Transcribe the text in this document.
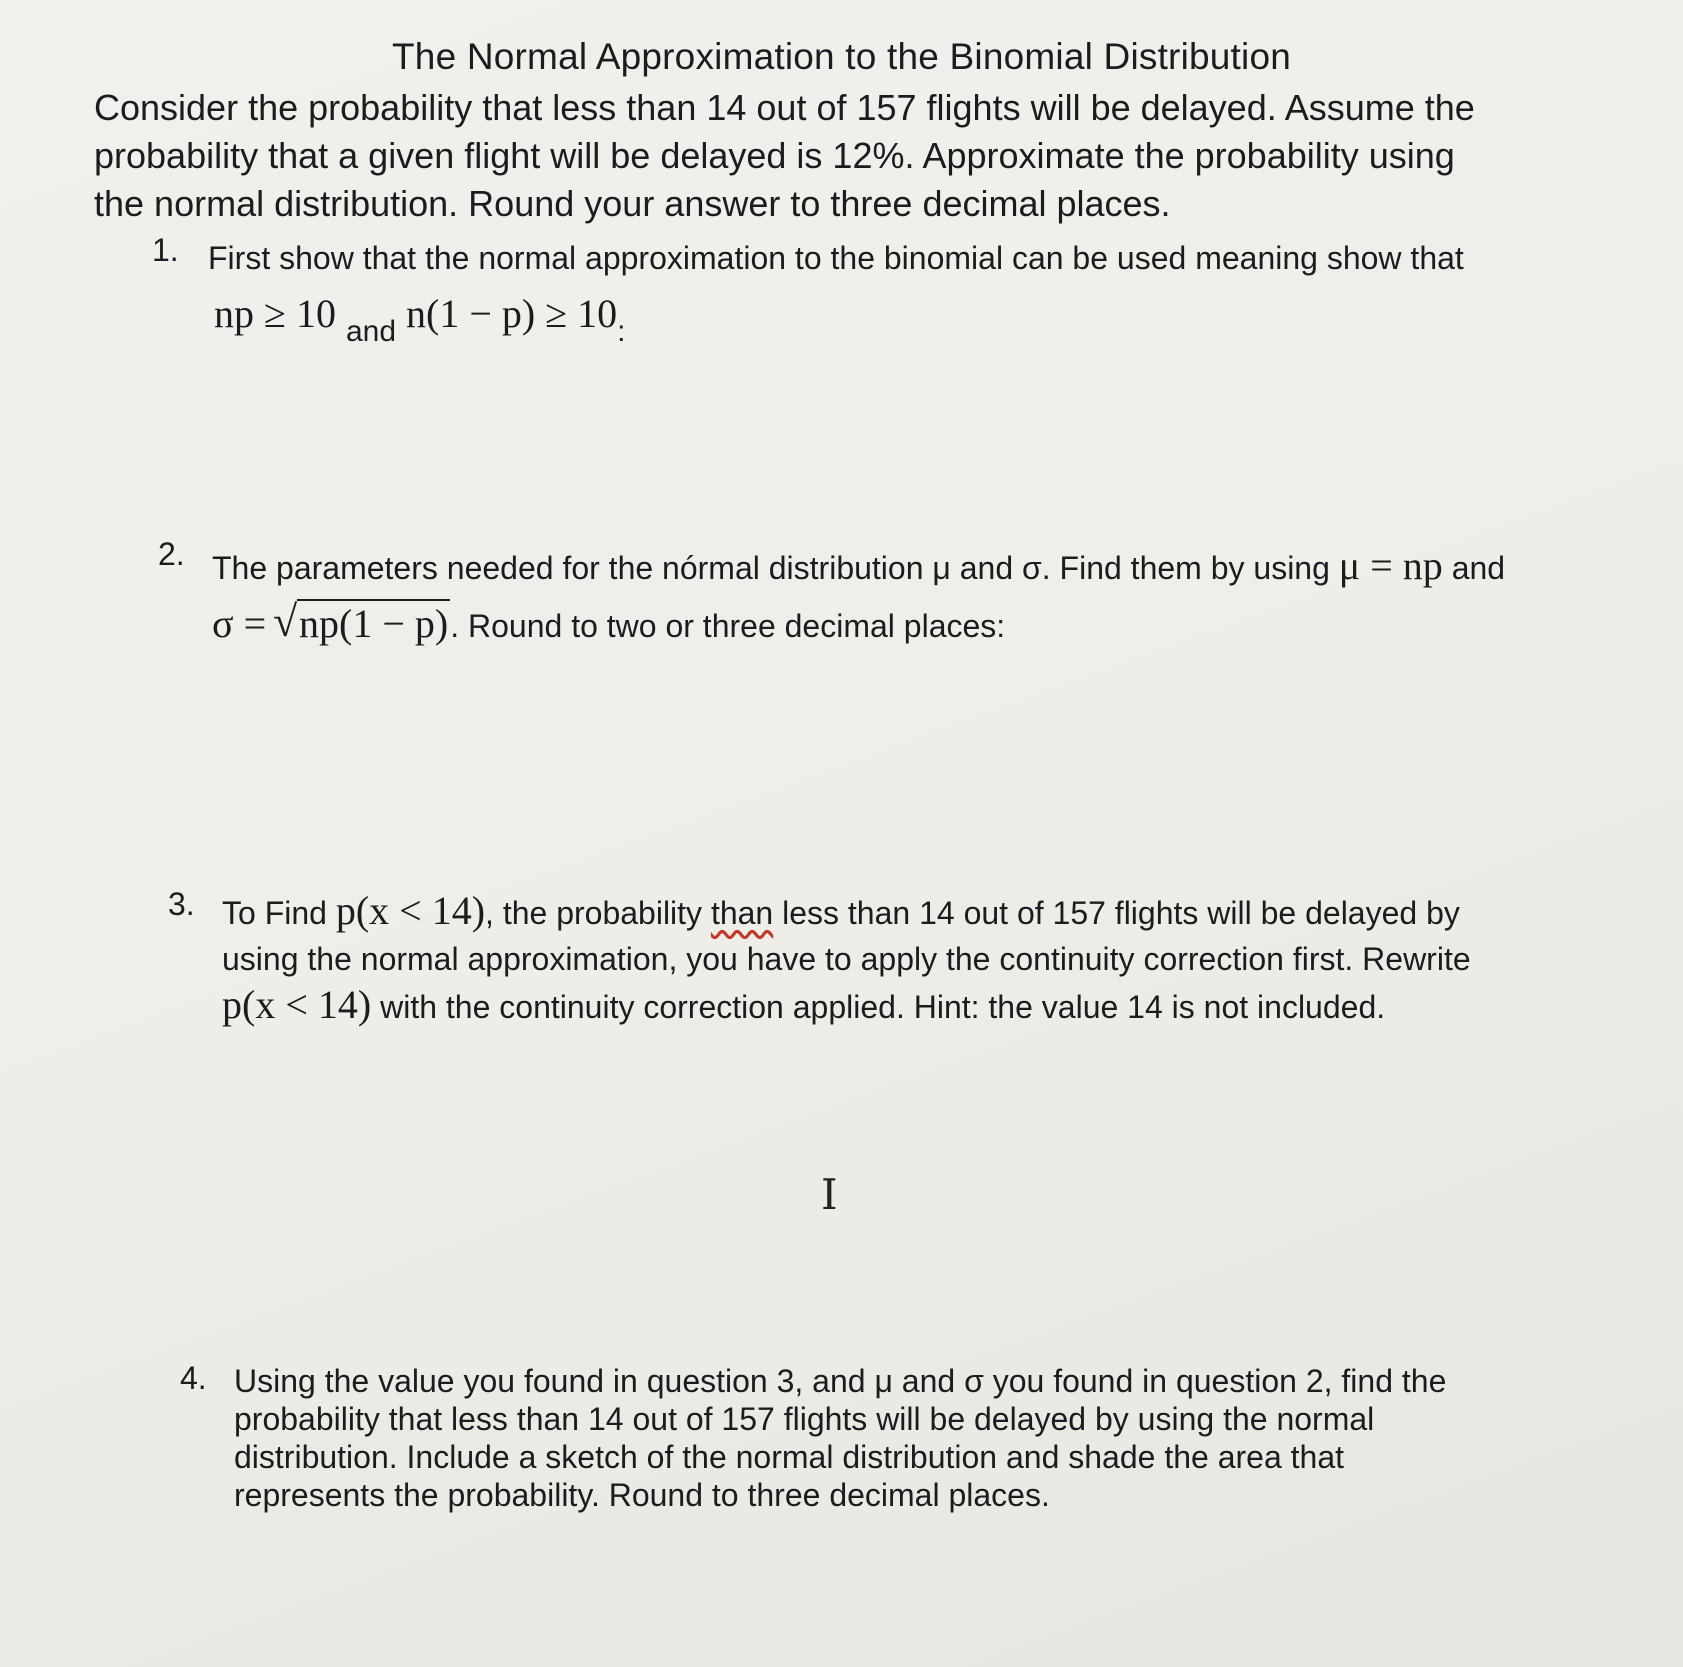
The Normal Approximation to the Binomial Distribution
Consider the probability that less than 14 out of 157 flights will be delayed. Assume the probability that a given flight will be delayed is 12%. Approximate the probability using the normal distribution. Round your answer to three decimal places.
1. First show that the normal approximation to the binomial can be used meaning show that
np ≥ 10 and n(1 − p) ≥ 10:
2. The parameters needed for the nórmal distribution μ and σ. Find them by using μ = np and
σ = √ np(1 − p). Round to two or three decimal places:
3. To Find p(x < 14), the probability than less than 14 out of 157 flights will be delayed by using the normal approximation, you have to apply the continuity correction first. Rewrite p(x < 14) with the continuity correction applied. Hint: the value 14 is not included.
I
4. Using the value you found in question 3, and μ and σ you found in question 2, find the probability that less than 14 out of 157 flights will be delayed by using the normal distribution. Include a sketch of the normal distribution and shade the area that represents the probability. Round to three decimal places.
